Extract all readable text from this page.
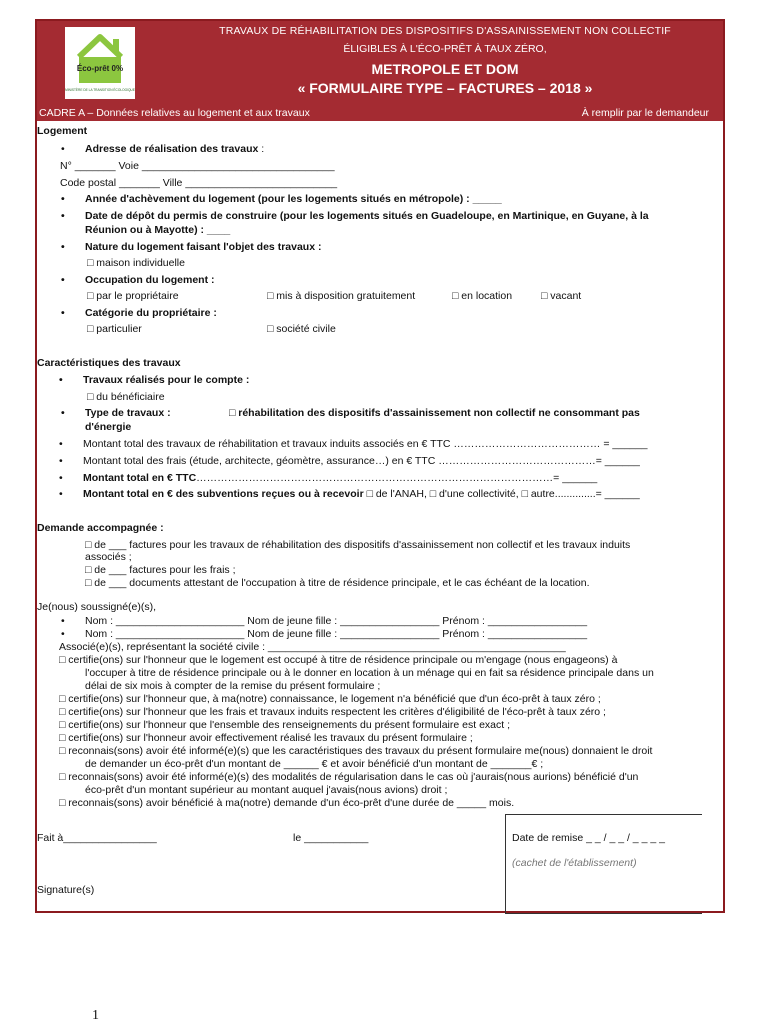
Éco-prêt 0%
MINISTÈRE DE LA TRANSITION ÉCOLOGIQUE
TRAVAUX DE RÉHABILITATION DES DISPOSITIFS D'ASSAINISSEMENT NON COLLECTIF
ÉLIGIBLES À L'ÉCO-PRÊT À TAUX ZÉRO,
METROPOLE ET DOM
« FORMULAIRE TYPE – FACTURES – 2018 »
CADRE A – Données relatives au logement et aux travaux	À remplir par le demandeur
Logement
• Adresse de réalisation des travaux :
N° _______ Voie _________________________________
Code postal _______ Ville __________________________
• Année d'achèvement du logement (pour les logements situés en métropole) : _____
• Date de dépôt du permis de construire (pour les logements situés en Guadeloupe, en Martinique, en Guyane, à la
Réunion ou à Mayotte) : ____
• Nature du logement faisant l'objet des travaux :
□ maison individuelle
• Occupation du logement :
□ par le propriétaire	□ mis à disposition gratuitement	□ en location	□ vacant
• Catégorie du propriétaire :
□ particulier	□ société civile
Caractéristiques des travaux
• Travaux réalisés pour le compte :
□ du bénéficiaire
• Type de travaux :	□ réhabilitation des dispositifs d'assainissement non collectif ne consommant pas
d'énergie
• Montant total des travaux de réhabilitation et travaux induits associés en € TTC …………………………………… = ______
• Montant total des frais (étude, architecte, géomètre, assurance…) en € TTC ………………………………………= ______
• Montant total en € TTC…………………………………………………………………………………………= ______
• Montant total en € des subventions reçues ou à recevoir □ de l'ANAH, □ d'une collectivité, □ autre..............= ______
Demande accompagnée :
□ de ___ factures pour les travaux de réhabilitation des dispositifs d'assainissement non collectif et les travaux induits
associés ;
□ de ___ factures pour les frais ;
□ de ___ documents attestant de l'occupation à titre de résidence principale, et le cas échéant de la location.
Je(nous) soussigné(e)(s),
• Nom : ______________________ Nom de jeune fille : _________________ Prénom : _________________
• Nom : ______________________ Nom de jeune fille : _________________ Prénom : _________________
Associé(e)(s), représentant la société civile : ___________________________________________________
□ certifie(ons) sur l'honneur que le logement est occupé à titre de résidence principale ou m'engage (nous engageons) à
l'occuper à titre de résidence principale ou à le donner en location à un ménage qui en fait sa résidence principale dans un
délai de six mois à compter de la remise du présent formulaire ;
□ certifie(ons) sur l'honneur que, à ma(notre) connaissance, le logement n'a bénéficié que d'un éco-prêt à taux zéro ;
□ certifie(ons) sur l'honneur que les frais et travaux induits respectent les critères d'éligibilité de l'éco-prêt à taux zéro ;
□ certifie(ons) sur l'honneur que l'ensemble des renseignements du présent formulaire est exact ;
□ certifie(ons) sur l'honneur avoir effectivement réalisé les travaux du présent formulaire ;
□ reconnais(sons) avoir été informé(e)(s) que les caractéristiques des travaux du présent formulaire me(nous) donnaient le droit
de demander un éco-prêt d'un montant de ______ € et avoir bénéficié d'un montant de _______€ ;
□ reconnais(sons) avoir été informé(e)(s) des modalités de régularisation dans le cas où j'aurais(nous aurions) bénéficié d'un
éco-prêt d'un montant supérieur au montant auquel j'avais(nous avions) droit ;
□ reconnais(sons) avoir bénéficié à ma(notre) demande d'un éco-prêt d'une durée de _____ mois.
Fait à________________	le ___________	Date de remise _ _ / _ _ / _ _ _ _
(cachet de l'établissement)
Signature(s)
1
